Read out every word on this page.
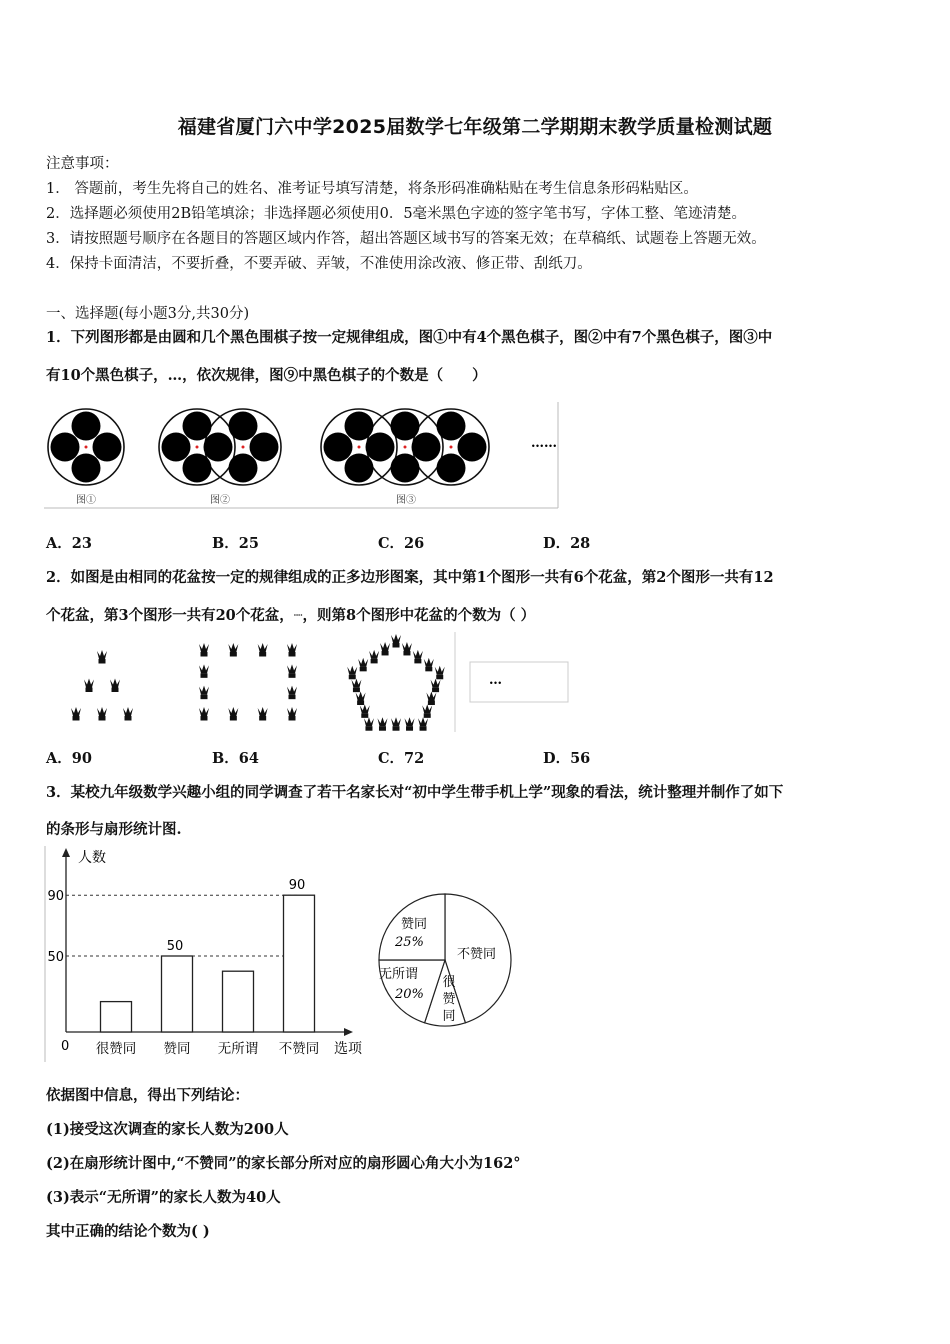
福建省厦门六中学2025届数学七年级第二学期期末教学质量检测试题
注意事项：
1． 答题前，考生先将自己的姓名、准考证号填写清楚，将条形码准确粘贴在考生信息条形码粘贴区。
2．选择题必须使用2B铅笔填涂；非选择题必须使用0．5毫米黑色字迹的签字笔书写，字体工整、笔迹清楚。
3．请按照题号顺序在各题目的答题区域内作答，超出答题区域书写的答案无效；在草稿纸、试题卷上答题无效。
4．保持卡面清洁，不要折叠，不要弄破、弄皱，不准使用涂改液、修正带、刮纸刀。
一、选择题(每小题3分,共30分)
1．下列图形都是由圆和几个黑色围棋子按一定规律组成，图①中有4个黑色棋子，图②中有7个黑色棋子，图③中
有10个黑色棋子，…，依次规律，图⑨中黑色棋子的个数是（　　）
图①	图②	图③
……
A．23	B．25	C．26	D．28
2．如图是由相同的花盆按一定的规律组成的正多边形图案，其中第1个图形一共有6个花盆，第2个图形一共有12
个花盆，第3个图形一共有20个花盆，┈，则第8个图形中花盆的个数为（ ）
…
A．90	B．64	C．72	D．56
3．某校九年级数学兴趣小组的同学调查了若干名家长对“初中学生带手机上学”现象的看法，统计整理并制作了如下
的条形与扇形统计图.
人数
选项
0
90
50
很赞同
50
赞同 无所谓
90
不赞同
赞同
25%
不赞同
无所谓
20%
很
赞
同
依据图中信息，得出下列结论：
(1)接受这次调查的家长人数为200人
(2)在扇形统计图中,“不赞同”的家长部分所对应的扇形圆心角大小为162°
(3)表示“无所谓”的家长人数为40人
其中正确的结论个数为( )
